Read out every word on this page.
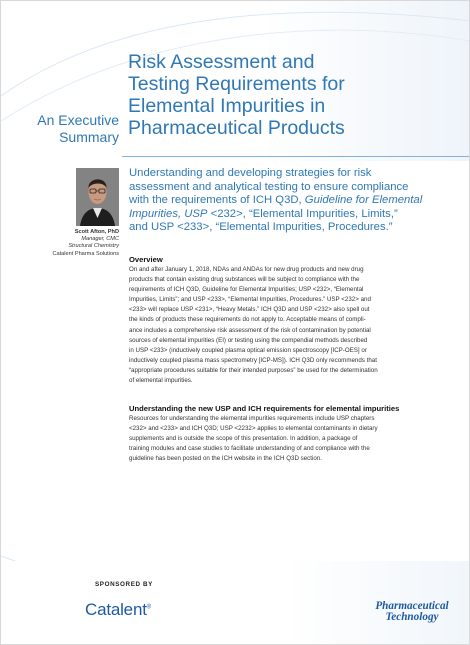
Risk Assessment and
Testing Requirements for
Elemental Impurities in
Pharmaceutical Products
An Executive
Summary
Scott Afton, PhD
Manager, CMC
Structural Chemistry
Catalent Pharma Solutions
Understanding and developing strategies for risk
assessment and analytical testing to ensure compliance
with the requirements of ICH Q3D, Guideline for Elemental
Impurities, USP <232>, “Elemental Impurities, Limits,”
and USP <233>, “Elemental Impurities, Procedures.”
Overview
On and after January 1, 2018, NDAs and ANDAs for new drug products and new drug
products that contain existing drug substances will be subject to compliance with the
requirements of ICH Q3D, Guideline for Elemental Impurities; USP <232>, “Elemental
Impurities, Limits”; and USP <233>, “Elemental Impurities, Procedures.” USP <232> and
<233> will replace USP <231>, “Heavy Metals.” ICH Q3D and USP <232> also spell out
the kinds of products these requirements do not apply to. Acceptable means of compli-
ance includes a comprehensive risk assessment of the risk of contamination by potential
sources of elemental impurities (EI) or testing using the compendial methods described
in USP <233> (inductively coupled plasma optical emission spectroscopy [ICP-OES] or
inductively coupled plasma mass spectrometry [ICP-MS]). ICH Q3D only recommends that
“appropriate procedures suitable for their intended purposes” be used for the determination
of elemental impurities.
Understanding the new USP and ICH requirements for elemental impurities
Resources for understanding the elemental impurities requirements include USP chapters
<232> and <233> and ICH Q3D; USP <2232> applies to elemental contaminants in dietary
supplements and is outside the scope of this presentation. In addition, a package of
training modules and case studies to facilitate understanding of and compliance with the
guideline has been posted on the ICH website in the ICH Q3D section.
SPONSORED BY
Catalent®	Pharmaceutical
Technology
